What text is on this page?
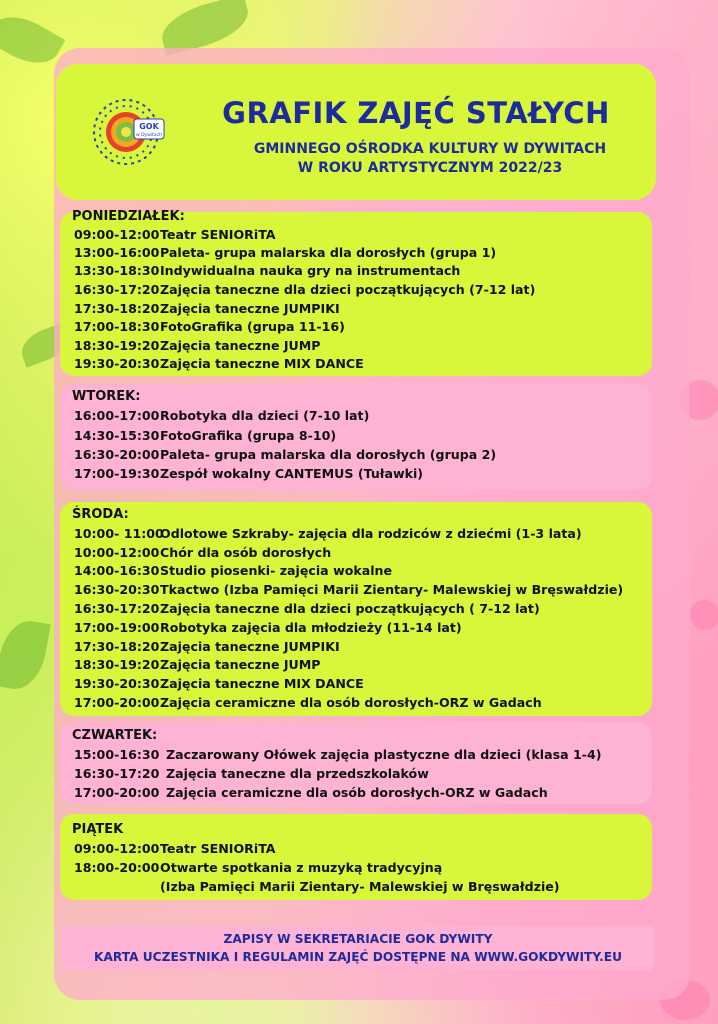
GOK
w Dywitach
GRAFIK ZAJĘĆ STAŁYCH
GMINNEGO OŚRODKA KULTURY W DYWITACH
W ROKU ARTYSTYCZNYM 2022/23
PONIEDZIAŁEK:
09:00-12:00 Teatr SENIORiTA
13:00-16:00 Paleta- grupa malarska dla dorosłych (grupa 1)
13:30-18:30 Indywidualna nauka gry na instrumentach
16:30-17:20 Zajęcia taneczne dla dzieci początkujących (7-12 lat)
17:30-18:20 Zajęcia taneczne JUMPIKI
17:00-18:30 FotoGrafika (grupa 11-16)
18:30-19:20 Zajęcia taneczne JUMP
19:30-20:30 Zajęcia taneczne MIX DANCE
WTOREK:
16:00-17:00 Robotyka dla dzieci (7-10 lat)
14:30-15:30 FotoGrafika (grupa 8-10)
16:30-20:00 Paleta- grupa malarska dla dorosłych (grupa 2)
17:00-19:30 Zespół wokalny CANTEMUS (Tuławki)
ŚRODA:
10:00- 11:00
Odlotowe Szkraby- zajęcia dla rodziców z dziećmi (1-3 lata)
10:00-12:00 Chór dla osób dorosłych
14:00-16:30 Studio piosenki- zajęcia wokalne
16:30-20:30 Tkactwo (Izba Pamięci Marii Zientary- Malewskiej w Bręswałdzie)
16:30-17:20 Zajęcia taneczne dla dzieci początkujących ( 7-12 lat)
17:00-19:00 Robotyka zajęcia dla młodzieży (11-14 lat)
17:30-18:20 Zajęcia taneczne JUMPIKI
18:30-19:20 Zajęcia taneczne JUMP
19:30-20:30 Zajęcia taneczne MIX DANCE
17:00-20:00 Zajęcia ceramiczne dla osób dorosłych-ORZ w Gadach
CZWARTEK:
15:00-16:30 Zaczarowany Ołówek zajęcia plastyczne dla dzieci (klasa 1-4)
16:30-17:20 Zajęcia taneczne dla przedszkolaków
17:00-20:00 Zajęcia ceramiczne dla osób dorosłych-ORZ w Gadach
PIĄTEK
09:00-12:00 Teatr SENIORiTA
18:00-20:00 Otwarte spotkania z muzyką tradycyjną
(Izba Pamięci Marii Zientary- Malewskiej w Bręswałdzie)
ZAPISY W SEKRETARIACIE GOK DYWITY
KARTA UCZESTNIKA I REGULAMIN ZAJĘĆ DOSTĘPNE NA WWW.GOKDYWITY.EU
